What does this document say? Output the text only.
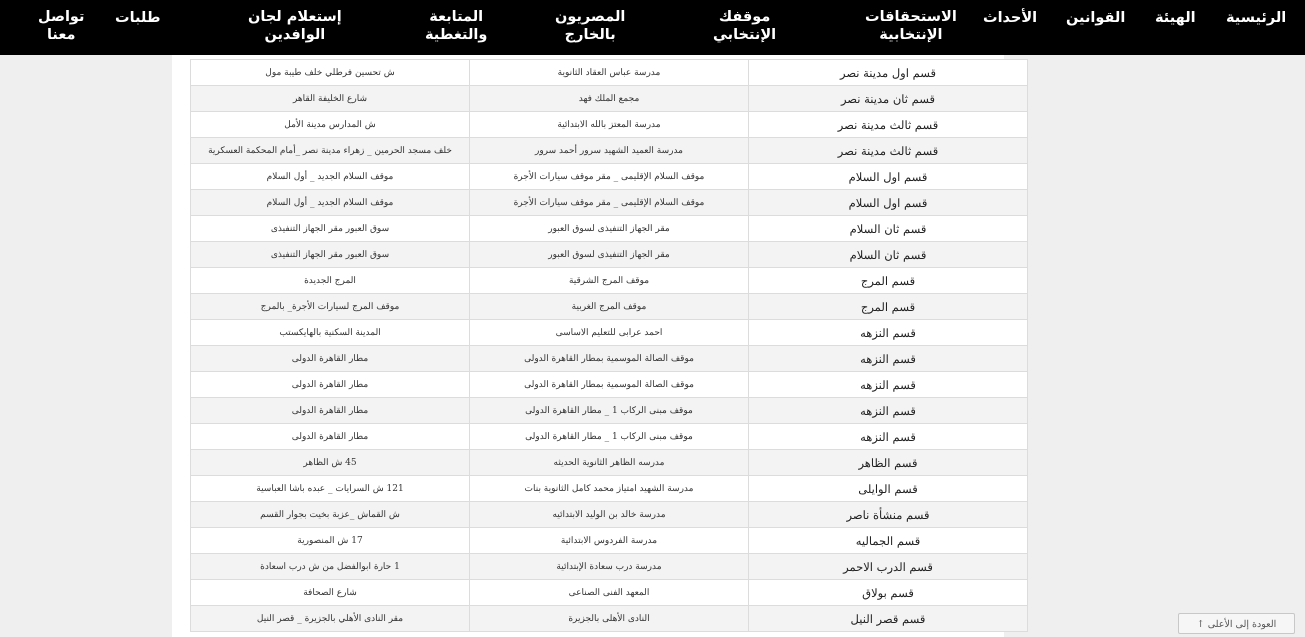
الرئيسية
الهيئة
القوانين
الأحداث
الاستحقاقات
الإنتخابية
موقفك
الإنتخابي
المصريون
بالخارج
المتابعة
والتغطية
إستعلام لجان
الوافدين
طلبات
تواصل
معنا
قسم اول مدينة نصر	مدرسة عباس العقاد الثانوية	ش تحسين فرطلي خلف طيبة مول
قسم ثان مدينة نصر	مجمع الملك فهد	شارع الخليفة القاهر
قسم ثالث مدينة نصر	مدرسة المعتز بالله الابتدائية	ش المدارس مدينة الأمل
قسم ثالث مدينة نصر	مدرسة العميد الشهيد سرور أحمد سرور	خلف مسجد الحرمين _ زهراء مدينة نصر _أمام المحكمة العسكرية
قسم اول السلام	موقف السلام الإقليمى _ مقر موقف سيارات الأجرة	موقف السلام الجديد _ أول السلام
قسم اول السلام	موقف السلام الإقليمى _ مقر موقف سيارات الأجرة	موقف السلام الجديد _ أول السلام
قسم ثان السلام	مقر الجهاز التنفيذى لسوق العبور	سوق العبور مقر الجهاز التنفيذى
قسم ثان السلام	مقر الجهاز التنفيذى لسوق العبور	سوق العبور مقر الجهاز التنفيذى
قسم المرج	موقف المرج الشرقية	المرج الجديدة
قسم المرج	موقف المرج الغربية	موقف المرج لسيارات الأجرة_ بالمرج
قسم النزهه	احمد عرابى للتعليم الاساسى	المدينة السكنية بالهايكستب
قسم النزهه	موقف الصالة الموسمية بمطار القاهرة الدولى	مطار القاهرة الدولى
قسم النزهه	موقف الصالة الموسمية بمطار القاهرة الدولى	مطار القاهرة الدولى
قسم النزهه	موقف مبنى الركاب 1 _ مطار القاهرة الدولى	مطار القاهرة الدولى
قسم النزهه	موقف مبنى الركاب 1 _ مطار القاهرة الدولى	مطار القاهرة الدولى
قسم الظاهر	مدرسه الظاهر الثانوية الحديثه	45 ش الظاهر
قسم الوايلى	مدرسة الشهيد امتياز محمد كامل الثانوية بنات	121 ش السرايات _ عبده باشا العباسية
قسم منشأة ناصر	مدرسة خالد بن الوليد الابتدائيه	ش القماش _عزبة بخيت بجوار القسم
قسم الجماليه	مدرسة الفردوس الابتدائية	17 ش المنصورية
قسم الدرب الاحمر	مدرسة درب سعادة الإبتدائية	1 حارة ابوالفضل من ش درب اسعادة
قسم بولاق	المعهد الفنى الصناعى	شارع الصحافة
قسم قصر النيل	النادى الأهلى بالجزيرة	مقر النادى الأهلي بالجزيرة _ قصر النيل
العودة إلى الأعلى ↑
